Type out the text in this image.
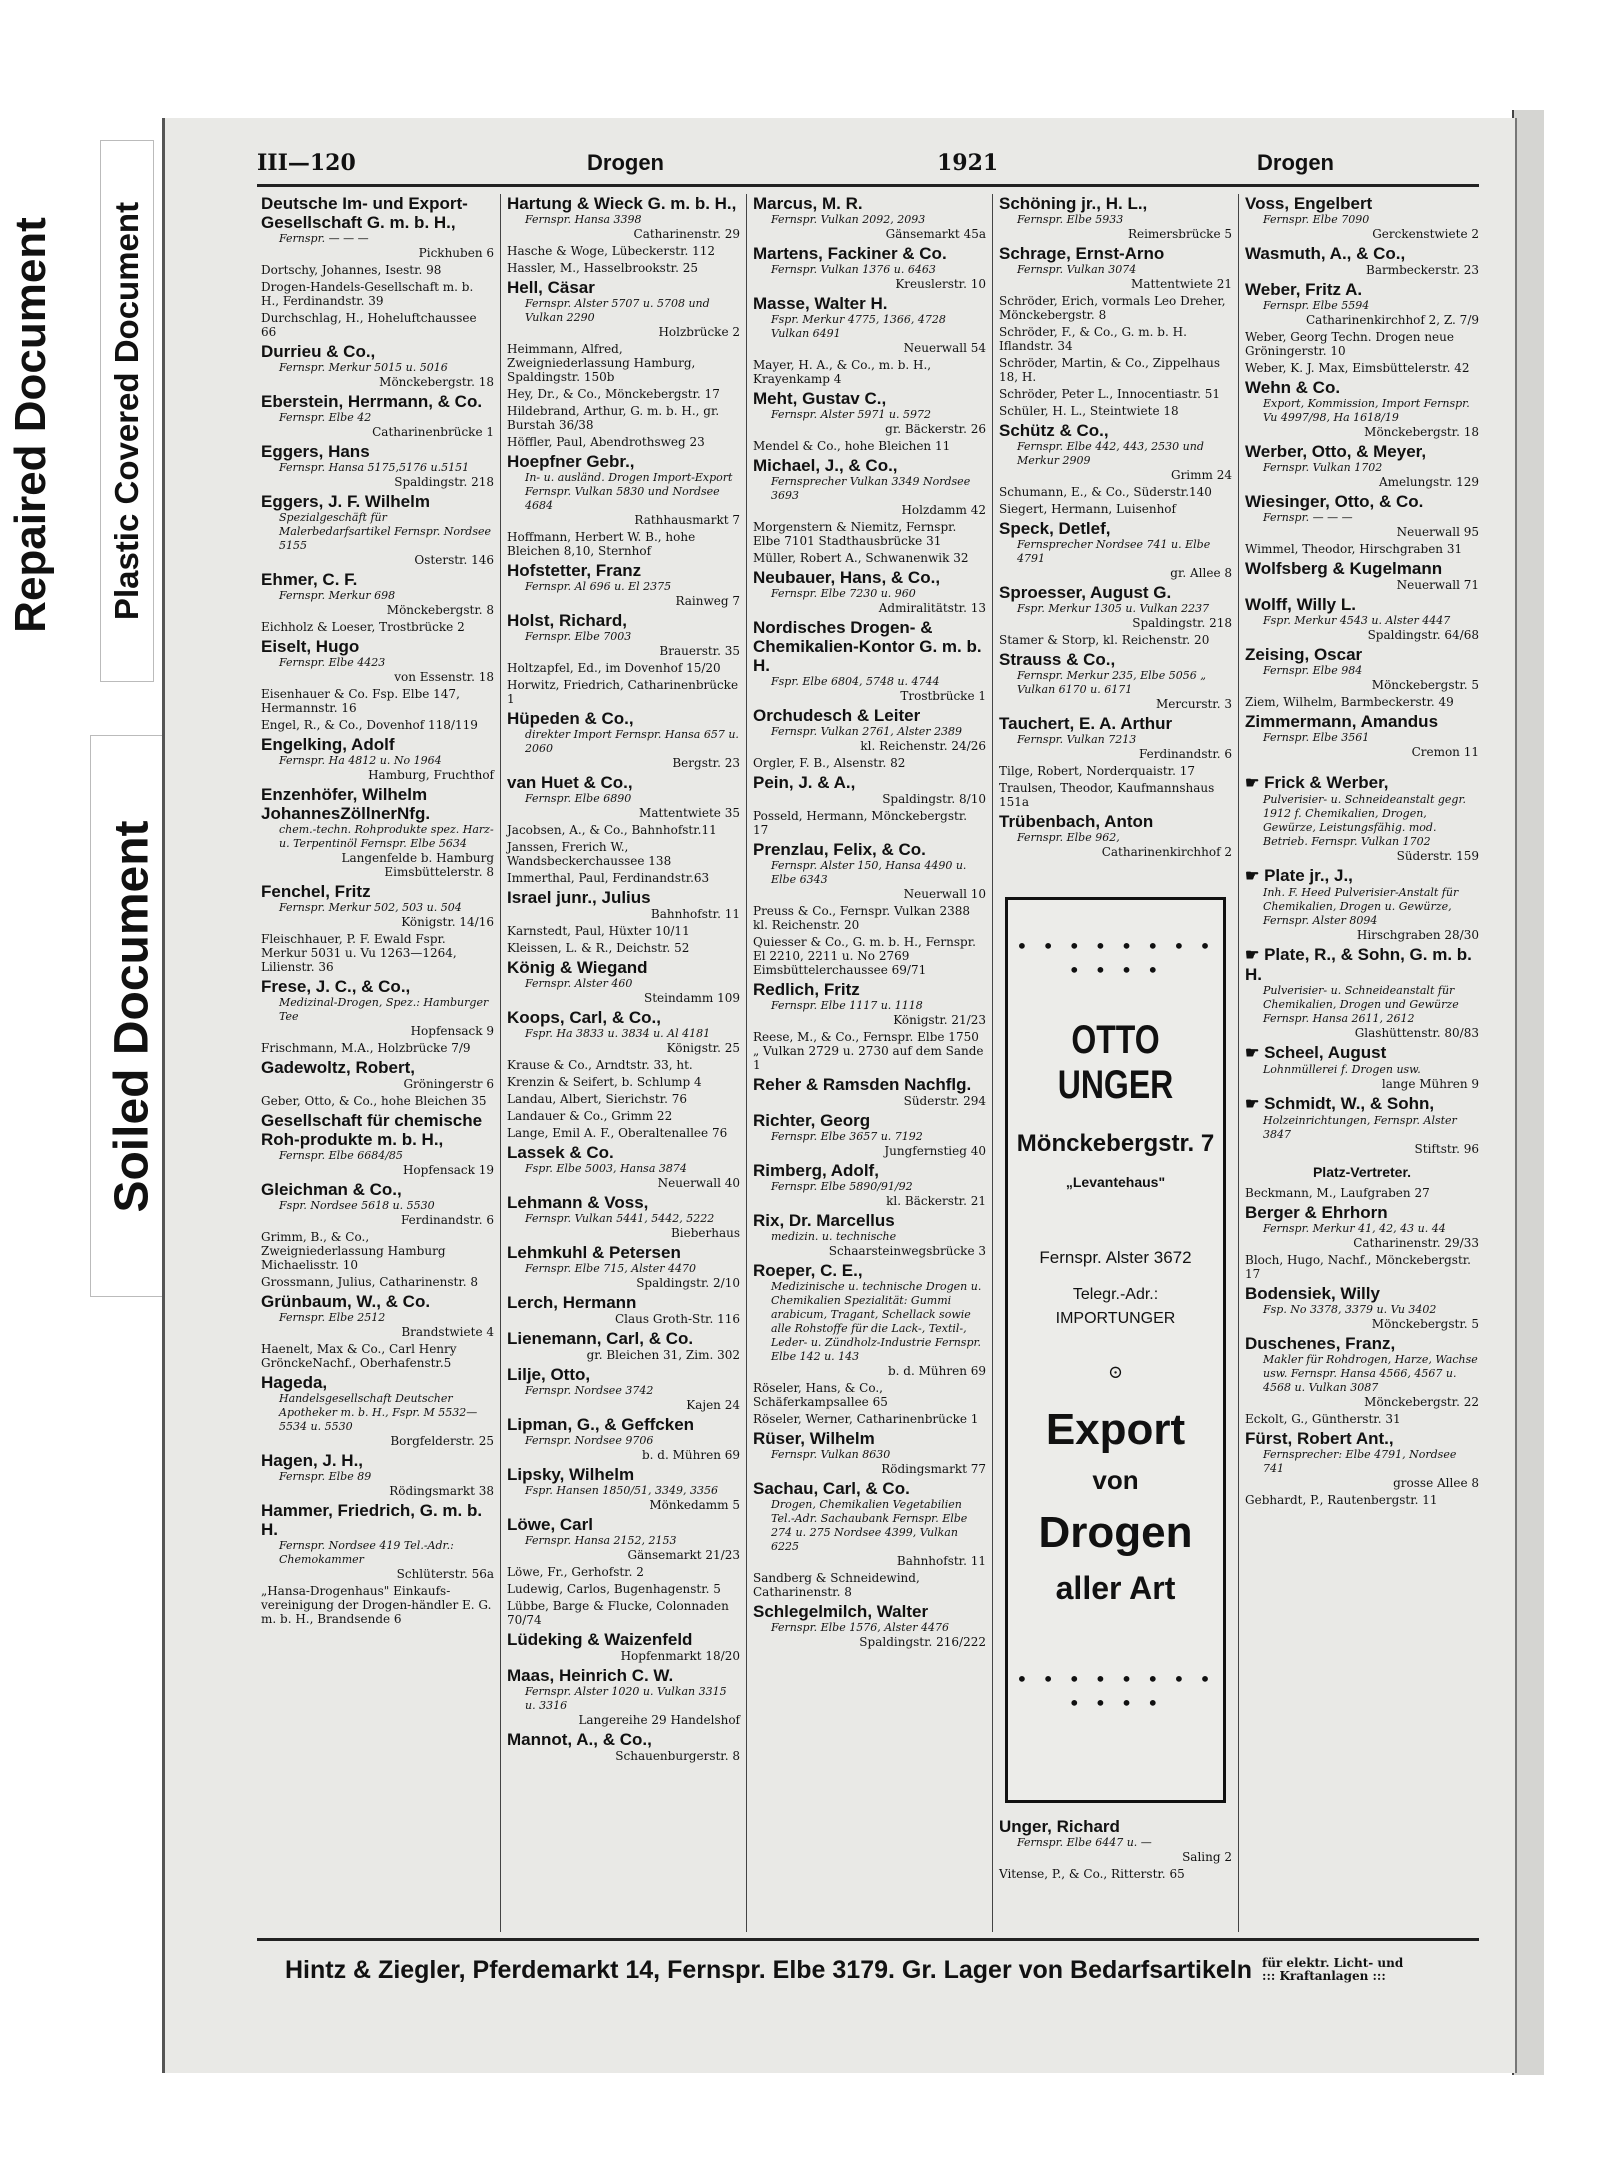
Repaired Document Plastic Covered Document
Soiled Document
III—120	Drogen	1921	Drogen
Deutsche Im- und Export-Gesellschaft G. m. b. H.,
Fernspr. — — —
Pickhuben 6
Dortschy, Johannes, Isestr. 98
Drogen-Handels-Gesellschaft m. b. H., Ferdinandstr. 39
Durchschlag, H., Hoheluftchaussee 66
Durrieu & Co.,
Fernspr. Merkur 5015 u. 5016
Mönckebergstr. 18
Eberstein, Herrmann, & Co.
Fernspr. Elbe 42
Catharinenbrücke 1
Eggers, Hans
Fernspr. Hansa 5175,5176 u.5151
Spaldingstr. 218
Eggers, J. F. Wilhelm
Spezialgeschäft für Malerbedarfsartikel Fernspr. Nordsee 5155
Osterstr. 146
Ehmer, C. F.
Fernspr. Merkur 698
Mönckebergstr. 8
Eichholz & Loeser, Trostbrücke 2
Eiselt, Hugo
Fernspr. Elbe 4423
von Essenstr. 18
Eisenhauer & Co. Fsp. Elbe 147, Hermannstr. 16
Engel, R., & Co., Dovenhof 118/119
Engelking, Adolf
Fernspr. Ha 4812 u. No 1964
Hamburg, Fruchthof
Enzenhöfer, Wilhelm JohannesZöllnerNfg.
chem.-techn. Rohprodukte spez. Harz- u. Terpentinöl Fernspr. Elbe 5634
Langenfelde b. Hamburg Eimsbüttelerstr. 8
Fenchel, Fritz
Fernspr. Merkur 502, 503 u. 504
Königstr. 14/16
Fleischhauer, P. F. Ewald Fspr. Merkur 5031 u. Vu 1263—1264, Lilienstr. 36
Frese, J. C., & Co.,
Medizinal-Drogen, Spez.: Hamburger Tee
Hopfensack 9
Frischmann, M.A., Holzbrücke 7/9
Gadewoltz, Robert,
Gröningerstr 6
Geber, Otto, & Co., hohe Bleichen 35
Gesellschaft für chemische Roh-produkte m. b. H.,
Fernspr. Elbe 6684/85
Hopfensack 19
Gleichman & Co.,
Fspr. Nordsee 5618 u. 5530
Ferdinandstr. 6
Grimm, B., & Co., Zweigniederlassung Hamburg Michaelisstr. 10
Grossmann, Julius, Catharinenstr. 8
Grünbaum, W., & Co.
Fernspr. Elbe 2512
Brandstwiete 4
Haenelt, Max & Co., Carl Henry GrönckeNachf., Oberhafenstr.5
Hageda,
Handelsgesellschaft Deutscher Apotheker m. b. H., Fspr. M 5532—5534 u. 5530
Borgfelderstr. 25
Hagen, J. H.,
Fernspr. Elbe 89
Rödingsmarkt 38
Hammer, Friedrich, G. m. b. H.
Fernspr. Nordsee 419 Tel.-Adr.: Chemokammer
Schlüterstr. 56a
„Hansa-Drogenhaus" Einkaufs-vereinigung der Drogen-händler E. G. m. b. H., Brandsende 6
Hartung & Wieck G. m. b. H.,
Fernspr. Hansa 3398
Catharinenstr. 29
Hasche & Woge, Lübeckerstr. 112
Hassler, M., Hasselbrookstr. 25
Hell, Cäsar
Fernspr. Alster 5707 u. 5708 und Vulkan 2290
Holzbrücke 2
Heimmann, Alfred, Zweigniederlassung Hamburg, Spaldingstr. 150b
Hey, Dr., & Co., Mönckebergstr. 17
Hildebrand, Arthur, G. m. b. H., gr. Burstah 36/38
Höffler, Paul, Abendrothsweg 23
Hoepfner Gebr.,
In- u. ausländ. Drogen Import-Export Fernspr. Vulkan 5830 und Nordsee 4684
Rathhausmarkt 7
Hoffmann, Herbert W. B., hohe Bleichen 8,10, Sternhof
Hofstetter, Franz
Fernspr. Al 696 u. El 2375
Rainweg 7
Holst, Richard,
Fernspr. Elbe 7003
Brauerstr. 35
Holtzapfel, Ed., im Dovenhof 15/20
Horwitz, Friedrich, Catharinenbrücke 1
Hüpeden & Co.,
direkter Import Fernspr. Hansa 657 u. 2060
Bergstr. 23
van Huet & Co.,
Fernspr. Elbe 6890
Mattentwiete 35
Jacobsen, A., & Co., Bahnhofstr.11
Janssen, Frerich W., Wandsbeckerchaussee 138
Immerthal, Paul, Ferdinandstr.63
Israel junr., Julius
Bahnhofstr. 11
Karnstedt, Paul, Hüxter 10/11
Kleissen, L. & R., Deichstr. 52
König & Wiegand
Fernspr. Alster 460
Steindamm 109
Koops, Carl, & Co.,
Fspr. Ha 3833 u. 3834 u. Al 4181
Königstr. 25
Krause & Co., Arndtstr. 33, ht.
Krenzin & Seifert, b. Schlump 4
Landau, Albert, Sierichstr. 76
Landauer & Co., Grimm 22
Lange, Emil A. F., Oberaltenallee 76
Lassek & Co.
Fspr. Elbe 5003, Hansa 3874
Neuerwall 40
Lehmann & Voss,
Fernspr. Vulkan 5441, 5442, 5222
Bieberhaus
Lehmkuhl & Petersen
Fernspr. Elbe 715, Alster 4470
Spaldingstr. 2/10
Lerch, Hermann
Claus Groth-Str. 116
Lienemann, Carl, & Co.
gr. Bleichen 31, Zim. 302
Lilje, Otto,
Fernspr. Nordsee 3742
Kajen 24
Lipman, G., & Geffcken
Fernspr. Nordsee 9706
b. d. Mühren 69
Lipsky, Wilhelm
Fspr. Hansen 1850/51, 3349, 3356
Mönkedamm 5
Löwe, Carl
Fernspr. Hansa 2152, 2153
Gänsemarkt 21/23
Löwe, Fr., Gerhofstr. 2
Ludewig, Carlos, Bugenhagenstr. 5
Lübbe, Barge & Flucke, Colonnaden 70/74
Lüdeking & Waizenfeld
Hopfenmarkt 18/20
Maas, Heinrich C. W.
Fernspr. Alster 1020 u. Vulkan 3315 u. 3316
Langereihe 29 Handelshof
Mannot, A., & Co.,
Schauenburgerstr. 8
Marcus, M. R.
Fernspr. Vulkan 2092, 2093
Gänsemarkt 45a
Martens, Fackiner & Co.
Fernspr. Vulkan 1376 u. 6463
Kreuslerstr. 10
Masse, Walter H.
Fspr. Merkur 4775, 1366, 4728 Vulkan 6491
Neuerwall 54
Mayer, H. A., & Co., m. b. H., Krayenkamp 4
Meht, Gustav C.,
Fernspr. Alster 5971 u. 5972
gr. Bäckerstr. 26
Mendel & Co., hohe Bleichen 11
Michael, J., & Co.,
Fernsprecher Vulkan 3349 Nordsee 3693
Holzdamm 42
Morgenstern & Niemitz, Fernspr. Elbe 7101 Stadthausbrücke 31
Müller, Robert A., Schwanenwik 32
Neubauer, Hans, & Co.,
Fernspr. Elbe 7230 u. 960
Admiralitätstr. 13
Nordisches Drogen- & Chemikalien-Kontor G. m. b. H.
Fspr. Elbe 6804, 5748 u. 4744
Trostbrücke 1
Orchudesch & Leiter
Fernspr. Vulkan 2761, Alster 2389
kl. Reichenstr. 24/26
Orgler, F. B., Alsenstr. 82
Pein, J. & A.,
Spaldingstr. 8/10
Posseld, Hermann, Mönckebergstr. 17
Prenzlau, Felix, & Co.
Fernspr. Alster 150, Hansa 4490 u. Elbe 6343
Neuerwall 10
Preuss & Co., Fernspr. Vulkan 2388 kl. Reichenstr. 20
Quiesser & Co., G. m. b. H., Fernspr. El 2210, 2211 u. No 2769 Eimsbüttelerchaussee 69/71
Redlich, Fritz
Fernspr. Elbe 1117 u. 1118
Königstr. 21/23
Reese, M., & Co., Fernspr. Elbe 1750 „ Vulkan 2729 u. 2730 auf dem Sande 1
Reher & Ramsden Nachflg.
Süderstr. 294
Richter, Georg
Fernspr. Elbe 3657 u. 7192
Jungfernstieg 40
Rimberg, Adolf,
Fernspr. Elbe 5890/91/92
kl. Bäckerstr. 21
Rix, Dr. Marcellus
medizin. u. technische
Schaarsteinwegsbrücke 3
Roeper, C. E.,
Medizinische u. technische Drogen u. Chemikalien Spezialität: Gummi arabicum, Tragant, Schellack sowie alle Rohstoffe für die Lack-, Textil-, Leder- u. Zündholz-Industrie Fernspr. Elbe 142 u. 143
b. d. Mühren 69
Röseler, Hans, & Co., Schäferkampsallee 65
Röseler, Werner, Catharinenbrücke 1
Rüser, Wilhelm
Fernspr. Vulkan 8630
Rödingsmarkt 77
Sachau, Carl, & Co.
Drogen, Chemikalien Vegetabilien Tel.-Adr. Sachaubank Fernspr. Elbe 274 u. 275 Nordsee 4399, Vulkan 6225
Bahnhofstr. 11
Sandberg & Schneidewind, Catharinenstr. 8
Schlegelmilch, Walter
Fernspr. Elbe 1576, Alster 4476
Spaldingstr. 216/222
Schöning jr., H. L.,
Fernspr. Elbe 5933
Reimersbrücke 5
Schrage, Ernst-Arno
Fernspr. Vulkan 3074
Mattentwiete 21
Schröder, Erich, vormals Leo Dreher, Mönckebergstr. 8
Schröder, F., & Co., G. m. b. H. Iflandstr. 34
Schröder, Martin, & Co., Zippelhaus 18, H.
Schröder, Peter L., Innocentiastr. 51
Schüler, H. L., Steintwiete 18
Schütz & Co.,
Fernspr. Elbe 442, 443, 2530 und Merkur 2909
Grimm 24
Schumann, E., & Co., Süderstr.140
Siegert, Hermann, Luisenhof
Speck, Detlef,
Fernsprecher Nordsee 741 u. Elbe 4791
gr. Allee 8
Sproesser, August G.
Fspr. Merkur 1305 u. Vulkan 2237
Spaldingstr. 218
Stamer & Storp, kl. Reichenstr. 20
Strauss & Co.,
Fernspr. Merkur 235, Elbe 5056 „ Vulkan 6170 u. 6171
Mercurstr. 3
Tauchert, E. A. Arthur
Fernspr. Vulkan 7213
Ferdinandstr. 6
Tilge, Robert, Norderquaistr. 17
Traulsen, Theodor, Kaufmannshaus 151a
Trübenbach, Anton
Fernspr. Elbe 962,
Catharinenkirchhof 2
• • • • • • • • • • • •
OTTO UNGER
Mönckebergstr. 7
„Levantehaus"
Fernspr. Alster 3672
Telegr.-Adr.:
IMPORTUNGER
⊙
Export
von
Drogen
aller Art
• • • • • • • • • • • •
Unger, Richard
Fernspr. Elbe 6447 u. —
Saling 2
Vitense, P., & Co., Ritterstr. 65
Voss, Engelbert
Fernspr. Elbe 7090
Gerckenstwiete 2
Wasmuth, A., & Co.,
Barmbeckerstr. 23
Weber, Fritz A.
Fernspr. Elbe 5594
Catharinenkirchhof 2, Z. 7/9
Weber, Georg Techn. Drogen neue Gröningerstr. 10
Weber, K. J. Max, Eimsbüttelerstr. 42
Wehn & Co.
Export, Kommission, Import Fernspr. Vu 4997/98, Ha 1618/19
Mönckebergstr. 18
Werber, Otto, & Meyer,
Fernspr. Vulkan 1702
Amelungstr. 129
Wiesinger, Otto, & Co.
Fernspr. — — —
Neuerwall 95
Wimmel, Theodor, Hirschgraben 31
Wolfsberg & Kugelmann
Neuerwall 71
Wolff, Willy L.
Fspr. Merkur 4543 u. Alster 4447
Spaldingstr. 64/68
Zeising, Oscar
Fernspr. Elbe 984
Mönckebergstr. 5
Ziem, Wilhelm, Barmbeckerstr. 49
Zimmermann, Amandus
Fernspr. Elbe 3561
Cremon 11
☛ Frick & Werber,
Pulverisier- u. Schneideanstalt gegr. 1912 f. Chemikalien, Drogen, Gewürze, Leistungsfähig. mod. Betrieb. Fernspr. Vulkan 1702
Süderstr. 159
☛ Plate jr., J.,
Inh. F. Heed Pulverisier-Anstalt für Chemikalien, Drogen u. Gewürze, Fernspr. Alster 8094
Hirschgraben 28/30
☛ Plate, R., & Sohn, G. m. b. H.
Pulverisier- u. Schneideanstalt für Chemikalien, Drogen und Gewürze Fernspr. Hansa 2611, 2612
Glashüttenstr. 80/83
☛ Scheel, August
Lohnmüllerei f. Drogen usw.
lange Mühren 9
☛ Schmidt, W., & Sohn,
Holzeinrichtungen, Fernspr. Alster 3847
Stiftstr. 96
Platz-Vertreter.
Beckmann, M., Laufgraben 27
Berger & Ehrhorn
Fernspr. Merkur 41, 42, 43 u. 44
Catharinenstr. 29/33
Bloch, Hugo, Nachf., Mönckebergstr. 17
Bodensiek, Willy
Fsp. No 3378, 3379 u. Vu 3402
Mönckebergstr. 5
Duschenes, Franz,
Makler für Rohdrogen, Harze, Wachse usw. Fernspr. Hansa 4566, 4567 u. 4568 u. Vulkan 3087
Mönckebergstr. 22
Eckolt, G., Güntherstr. 31
Fürst, Robert Ant.,
Fernsprecher: Elbe 4791, Nordsee 741
grosse Allee 8
Gebhardt, P., Rautenbergstr. 11
Hintz & Ziegler, Pferdemarkt 14, Fernspr. Elbe 3179. Gr. Lager von Bedarfsartikeln für elektr. Licht- und
::: Kraftanlagen :::
